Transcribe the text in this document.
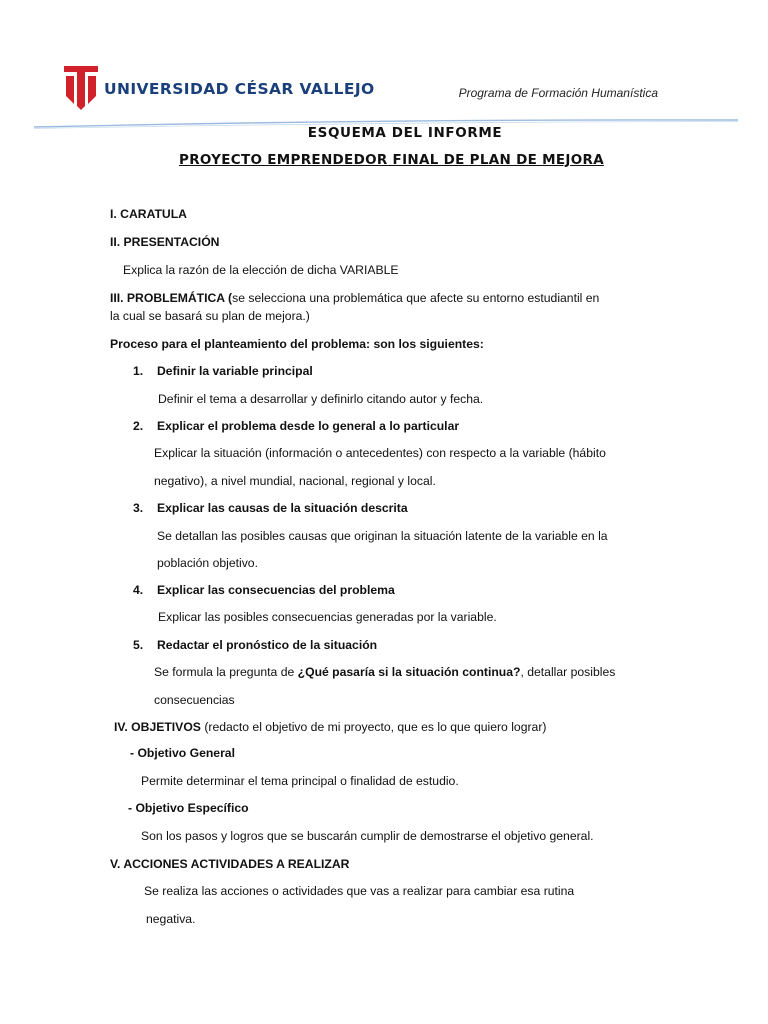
UNIVERSIDAD CÉSAR VALLEJO	Programa de Formación Humanística
ESQUEMA DEL INFORME
PROYECTO EMPRENDEDOR FINAL DE PLAN DE MEJORA
I. CARATULA
II. PRESENTACIÓN
Explica la razón de la elección de dicha VARIABLE
III. PROBLEMÁTICA (se selecciona una problemática que afecte su entorno estudiantil en
la cual se basará su plan de mejora.)
Proceso para el planteamiento del problema: son los siguientes:
1. Definir la variable principal
Definir el tema a desarrollar y definirlo citando autor y fecha.
2. Explicar el problema desde lo general a lo particular
Explicar la situación (información o antecedentes) con respecto a la variable (hábito
negativo), a nivel mundial, nacional, regional y local.
3. Explicar las causas de la situación descrita
Se detallan las posibles causas que originan la situación latente de la variable en la
población objetivo.
4. Explicar las consecuencias del problema
Explicar las posibles consecuencias generadas por la variable.
5. Redactar el pronóstico de la situación
Se formula la pregunta de ¿Qué pasaría si la situación continua?, detallar posibles
consecuencias
IV. OBJETIVOS (redacto el objetivo de mi proyecto, que es lo que quiero lograr)
- Objetivo General
Permite determinar el tema principal o finalidad de estudio.
- Objetivo Específico
Son los pasos y logros que se buscarán cumplir de demostrarse el objetivo general.
V. ACCIONES ACTIVIDADES A REALIZAR
Se realiza las acciones o actividades que vas a realizar para cambiar esa rutina
negativa.
